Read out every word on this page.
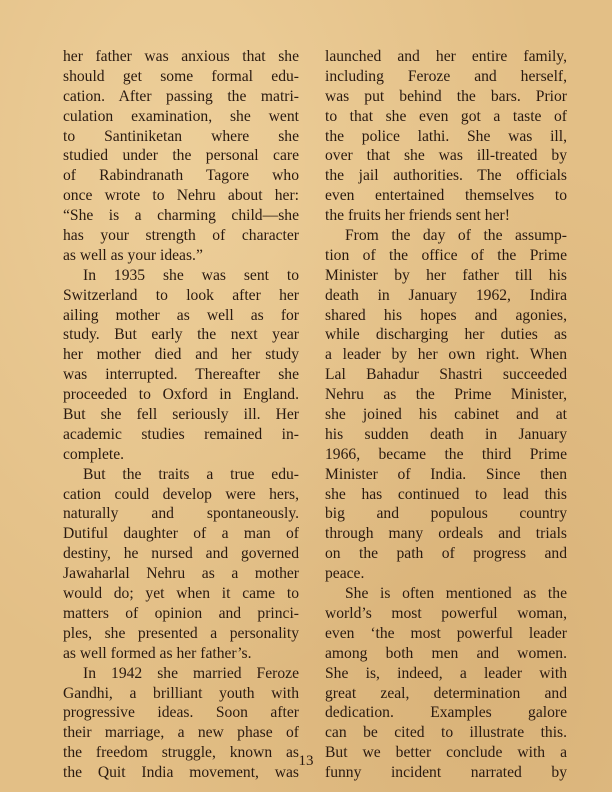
her father was anxious that she
should get some formal edu-
cation. After passing the matri-
culation examination, she went
to Santiniketan where she
studied under the personal care
of Rabindranath Tagore who
once wrote to Nehru about her:
“She is a charming child—she
has your strength of character
as well as your ideas.”
In 1935 she was sent to
Switzerland to look after her
ailing mother as well as for
study. But early the next year
her mother died and her study
was interrupted. Thereafter she
proceeded to Oxford in England.
But she fell seriously ill. Her
academic studies remained in-
complete.
But the traits a true edu-
cation could develop were hers,
naturally and spontaneously.
Dutiful daughter of a man of
destiny, he nursed and governed
Jawaharlal Nehru as a mother
would do; yet when it came to
matters of opinion and princi-
ples, she presented a personality
as well formed as her father’s.
In 1942 she married Feroze
Gandhi, a brilliant youth with
progressive ideas. Soon after
their marriage, a new phase of
the freedom struggle, known as
the Quit India movement, was
launched and her entire family,
including Feroze and herself,
was put behind the bars. Prior
to that she even got a taste of
the police lathi. She was ill,
over that she was ill-treated by
the jail authorities. The officials
even entertained themselves to
the fruits her friends sent her!
From the day of the assump-
tion of the office of the Prime
Minister by her father till his
death in January 1962, Indira
shared his hopes and agonies,
while discharging her duties as
a leader by her own right. When
Lal Bahadur Shastri succeeded
Nehru as the Prime Minister,
she joined his cabinet and at
his sudden death in January
1966, became the third Prime
Minister of India. Since then
she has continued to lead this
big and populous country
through many ordeals and trials
on the path of progress and
peace.
She is often mentioned as the
world’s most powerful woman,
even ‘the most powerful leader
among both men and women.
She is, indeed, a leader with
great zeal, determination and
dedication. Examples galore
can be cited to illustrate this.
But we better conclude with a
funny incident narrated by
13
